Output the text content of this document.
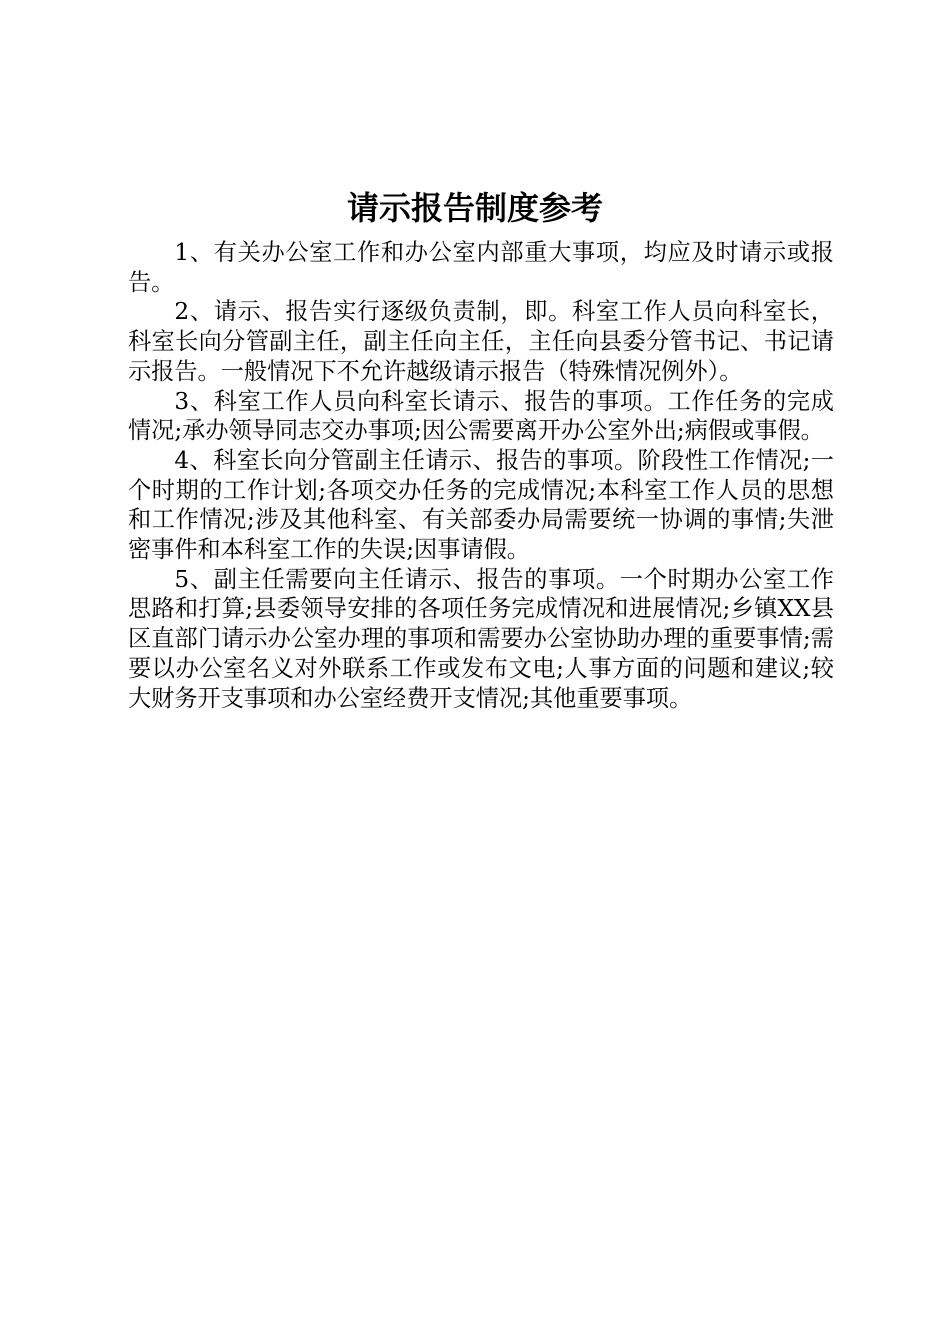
请示报告制度参考

1、有关办公室工作和办公室内部重大事项，均应及时请示或报告。

2、请示、报告实行逐级负责制，即。科室工作人员向科室长，科室长向分管副主任，副主任向主任，主任向县委分管书记、书记请示报告。一般情况下不允许越级请示报告（特殊情况例外）。

3、科室工作人员向科室长请示、报告的事项。工作任务的完成情况;承办领导同志交办事项;因公需要离开办公室外出;病假或事假。

4、科室长向分管副主任请示、报告的事项。阶段性工作情况;一个时期的工作计划;各项交办任务的完成情况;本科室工作人员的思想和工作情况;涉及其他科室、有关部委办局需要统一协调的事情;失泄密事件和本科室工作的失误;因事请假。

5、副主任需要向主任请示、报告的事项。一个时期办公室工作思路和打算;县委领导安排的各项任务完成情况和进展情况;乡镇XX县区直部门请示办公室办理的事项和需要办公室协助办理的重要事情;需要以办公室名义对外联系工作或发布文电;人事方面的问题和建议;较大财务开支事项和办公室经费开支情况;其他重要事项。
